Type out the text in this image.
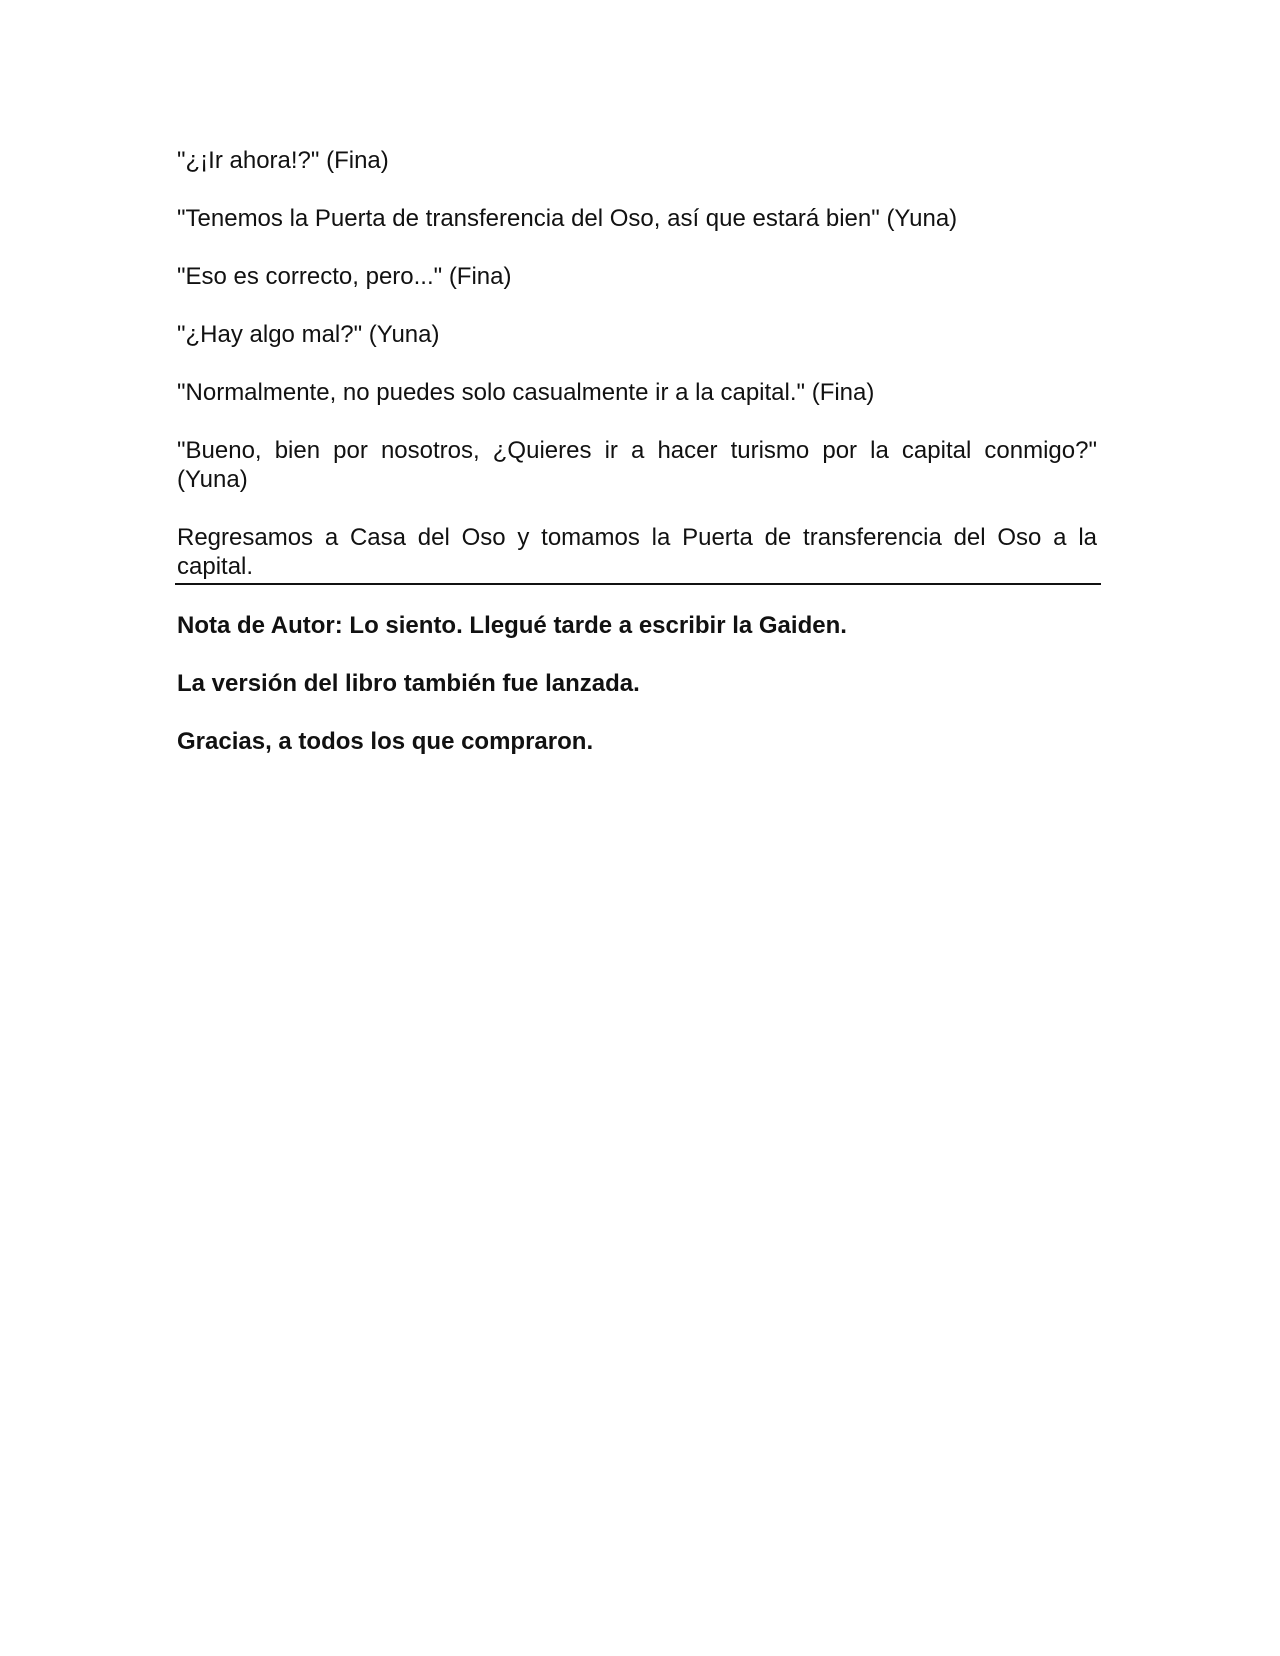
"¿¡Ir ahora!?" (Fina)

"Tenemos la Puerta de transferencia del Oso, así que estará bien" (Yuna)

"Eso es correcto, pero..." (Fina)

"¿Hay algo mal?" (Yuna)

"Normalmente, no puedes solo casualmente ir a la capital." (Fina)

"Bueno, bien por nosotros, ¿Quieres ir a hacer turismo por la capital conmigo?" (Yuna)

Regresamos a Casa del Oso y tomamos la Puerta de transferencia del Oso a la capital.

Nota de Autor: Lo siento. Llegué tarde a escribir la Gaiden.

La versión del libro también fue lanzada.

Gracias, a todos los que compraron.
